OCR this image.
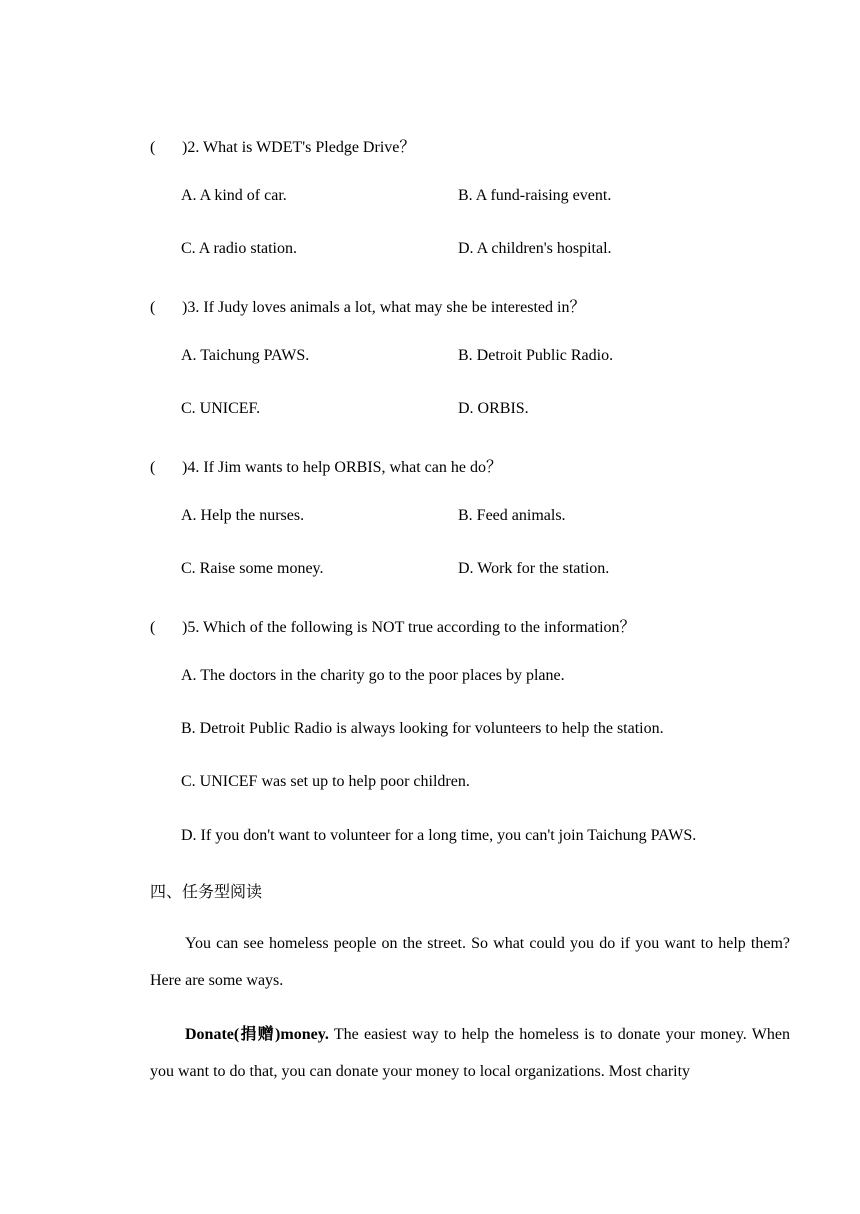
( )2. What is WDET's Pledge Drive？
A. A kind of car.	B. A fund-raising event.
C. A radio station.	D. A children's hospital.
( )3. If Judy loves animals a lot, what may she be interested in？
A. Taichung PAWS.	B. Detroit Public Radio.
C. UNICEF.	D. ORBIS.
( )4. If Jim wants to help ORBIS, what can he do？
A. Help the nurses.	B. Feed animals.
C. Raise some money.	D. Work for the station.
( )5. Which of the following is NOT true according to the information？
A. The doctors in the charity go to the poor places by plane.
B. Detroit Public Radio is always looking for volunteers to help the station.
C. UNICEF was set up to help poor children.
D. If you don't want to volunteer for a long time, you can't join Taichung PAWS.
四、任务型阅读

You can see homeless people on the street. So what could you do if you want to help them? Here are some ways.

Donate(捐赠)money. The easiest way to help the homeless is to donate your money. When you want to do that, you can donate your money to local organizations. Most charity
